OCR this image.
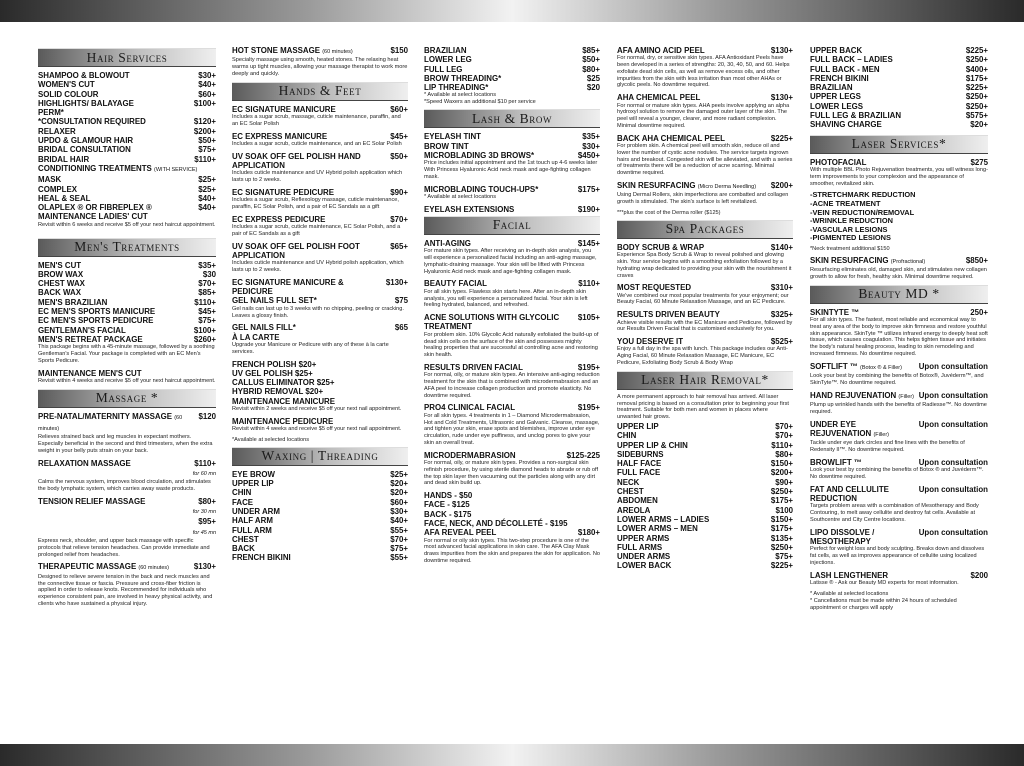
Hair Services
SHAMPOO & BLOWOUT	$30+
WOMEN'S CUT	$40+
SOLID COLOUR	$60+
HIGHLIGHTS/ BALAYAGE	$100+
PERM*
*CONSULTATION REQUIRED	$120+
RELAXER	$200+
UPDO & GLAMOUR HAIR	$50+
BRIDAL CONSULTATION	$75+
BRIDAL HAIR	$110+
CONDITIONING TREATMENTS (WITH SERVICE)
MASK	$25+
COMPLEX	$25+
HEAL & SEAL	$40+
OLAPLEX ® OR FIBREPLEX ®	$40+
MAINTENANCE LADIES' CUT
Revisit within 6 weeks and receive $5 off your next haircut appointment.
Men's Treatments
MEN'S CUT	$35+
BROW WAX	$30
CHEST WAX	$70+
BACK WAX	$85+
MEN'S BRAZILIAN	$110+
EC MEN'S SPORTS MANICURE	$45+
EC MEN'S SPORTS PEDICURE	$75+
GENTLEMAN'S FACIAL	$100+
MEN'S RETREAT PACKAGE	$260+
This package begins with a 45-minute massage, followed by a soothing Gentleman's Facial. Your package is completed with an EC Men's Sports Pedicure.
MAINTENANCE MEN'S CUT
Revisit within 4 weeks and receive $5 off your next haircut appointment.
Massage *
PRE-NATAL/MATERNITY MASSAGE (60 minutes)
$120
Relieves strained back and leg muscles in expectant mothers. Especially beneficial in the second and third trimesters, when the extra weight in your belly puts strain on your back.
RELAXATION MASSAGE	$110+
for 60 mn
Calms the nervous system, improves blood circulation, and stimulates the body lymphatic system, which carries away waste products.
TENSION RELIEF MASSAGE	$80+
for 30 mn
$95+
for 45 mn
Express neck, shoulder, and upper back massage with specific protocols that relieve tension headaches. Can provide immediate and prolonged relief from headaches.
THERAPEUTIC MASSAGE (60 minutes)	$130+
Designed to relieve severe tension in the back and neck muscles and the connective tissue or fascia. Pressure and cross-fiber friction is applied in order to release knots. Recommended for individuals who experience consistent pain, are involved in heavy physical activity, and clients who have sustained a physical injury.
HOT STONE MASSAGE (60 minutes)	$150
Specialty massage using smooth, heated stones. The relaxing heat warms up tight muscles, allowing your massage therapist to work more deeply and quickly.
Hands & Feet
EC SIGNATURE MANICURE	$60+
Includes a sugar scrub, massage, cuticle maintenance, paraffin, and an EC Solar Polish
EC EXPRESS MANICURE	$45+
Includes a sugar scrub, cuticle maintenance, and an EC Solar Polish
UV SOAK OFF GEL POLISH HAND APPLICATION
$50+
Includes cuticle maintenance and UV Hybrid polish application which lasts up to 2 weeks.
EC SIGNATURE PEDICURE	$90+
Includes a sugar scrub, Reflexology massage, cuticle maintenance, paraffin, EC Solar Polish, and a pair of EC Sandals as a gift
EC EXPRESS PEDICURE	$70+
Includes a sugar scrub, cuticle maintenance, EC Solar Polish, and a pair of EC Sandals as a gift
UV SOAK OFF GEL POLISH FOOT APPLICATION
$65+
Includes cuticle maintenance and UV Hybrid polish application, which lasts up to 2 weeks.
EC SIGNATURE MANICURE & PEDICURE
$130+
GEL NAILS FULL SET*	$75
Gel nails can last up to 3 weeks with no chipping, peeling or cracking. Leaves a glossy finish.
GEL NAILS FILL*	$65
À LA CARTE
Upgrade your Manicure or Pedicure with any of these à la carte services.
FRENCH POLISH $20+
UV GEL POLISH $25+
CALLUS ELIMINATOR $25+
HYBRID REMOVAL $20+
MAINTENANCE MANICURE
Revisit within 2 weeks and receive $5 off your next nail appointment.
MAINTENANCE PEDICURE
Revisit within 4 weeks and receive $5 off your next nail appointment.
*Available at selected locations
Waxing | Threading
EYE BROW	$25+
UPPER LIP	$20+
CHIN	$20+
FACE	$60+
UNDER ARM	$30+
HALF ARM	$40+
FULL ARM	$55+
CHEST	$70+
BACK	$75+
FRENCH BIKINI	$55+
BRAZILIAN	$85+
LOWER LEG	$50+
FULL LEG	$80+
BROW THREADING*	$25
LIP THREADING*	$20
* Available at select locations
*Speed Waxers an additional $10 per service
Lash & Brow
EYELASH TINT	$35+
BROW TINT	$30+
MICROBLADING 3D BROWS*	$450+
Price includes initial appointment and the 1st touch up 4-6 weeks later With Princess Hyaluronic Acid neck mask and age-fighting collagen mask.
MICROBLADING TOUCH-UPS*	$175+
* Available at select locations
EYELASH EXTENSIONS	$190+
Facial
ANTI-AGING	$145+
For mature skin types. After receiving an in-depth skin analysis, you will experience a personalized facial including an anti-aging massage, lymphatic-draining massage. Your skin will be lifted with Princess Hyaluronic Acid neck mask and age-fighting collagen mask.
BEAUTY FACIAL	$110+
For all skin types. Flawless skin starts here. After an in-depth skin analysis, you will experience a personalized facial. Your skin is left feeling hydrated, balanced, and refreshed.
ACNE SOLUTIONS WITH GLYCOLIC TREATMENT
$105+
For problem skin. 10% Glycolic Acid naturally exfoliated the build-up of dead skin cells on the surface of the skin and possesses mighty healing properties that are successful at controlling acne and restoring skin health.
RESULTS DRIVEN FACIAL	$195+
For normal, oily, or mature skin types. An intensive anti-aging reduction treatment for the skin that is combined with microdermabrasion and an AFA peel to increase collagen production and promote elasticity. No downtime required.
PRO4 CLINICAL FACIAL	$195+
For all skin types. 4 treatments in 1 – Diamond Microdermabrasion, Hot and Cold Treatments, Ultrasonic and Galvanic. Cleanse, massage, and tighten your skin, erase spots and blemishes, improve under eye circulation, rude under eye puffiness, and unclog pores to give your skin an overall treat.
MICRODERMABRASION	$125-225
For normal, oily, or mature skin types. Provides a non-surgical skin refinish procedure, by using sterile diamond heads to abrade or rub off the top skin layer then vacuuming out the particles along with any dirt and dead skin build up.
HANDS - $50
FACE - $125
BACK - $175
FACE, NECK, AND DÉCOLLETÉ - $195
AFA REVEAL PEEL	$180+
For normal or oily skin types. This two-step procedure is one of the most advanced facial applications in skin care. The AFA Clay Mask draws impurities from the skin and prepares the skin for application. No downtime required.
AFA AMINO ACID PEEL	$130+
For normal, dry, or sensitive skin types. AFA Antioxidant Peels have been developed in a series of strengths: 20, 30, 40, 50, and 60. Helps exfoliate dead skin cells, as well as remove excess oils, and other impurities from the skin with less irritation than most other AHAs or glycolic peels. No downtime required.
AHA CHEMICAL PEEL	$130+
For normal or mature skin types. AHA peels involve applying an alpha hydroxyl solution to remove the damaged outer layer of the skin. The peel will reveal a younger, clearer, and more radiant complexion. Minimal downtime required.
BACK AHA CHEMICAL PEEL	$225+
For problem skin. A chemical peel will smooth skin, reduce oil and lower the number of cystic acne nodules. The service targets ingrown hairs and breakout. Congested skin will be alleviated, and with a series of treatments there will be a reduction of acne scarring. Minimal downtime required.
SKIN RESURFACING (Micro Derma Needling)	$200+
Using Dermal Rollers, skin imperfections are combatted and collagen growth is stimulated. The skin's surface is left revitalized.
***plus the cost of the Derma roller ($125)
Spa Packages
BODY SCRUB & WRAP	$140+
Experience Spa Body Scrub & Wrap to reveal polished and glowing skin. Your service begins with a smoothing exfoliation followed by a hydrating wrap dedicated to providing your skin with the nourishment it craves
MOST REQUESTED	$310+
We've combined our most popular treatments for your enjoyment; our Beauty Facial, 60 Minute Relaxation Massage, and an EC Pedicure.
RESULTS DRIVEN BEAUTY	$325+
Achieve visible results with the EC Manicure and Pedicure, followed by our Results Driven Facial that is customised exclusively for you.
YOU DESERVE IT	$525+
Enjoy a full day in the spa with lunch. This package includes our Anti-Aging Facial, 60 Minute Relaxation Massage, EC Manicure, EC Pedicure, Exfoliating Body Scrub & Body Wrap
Laser Hair Removal*
A more permanent approach to hair removal has arrived. All laser removal pricing is based on a consultation prior to beginning your first treatment. Suitable for both men and women in places where unwanted hair grows.
UPPER LIP	$70+
CHIN	$70+
UPPER LIP & CHIN	$110+
SIDEBURNS	$80+
HALF FACE	$150+
FULL FACE	$200+
NECK	$90+
CHEST	$250+
ABDOMEN	$175+
AREOLA	$100
LOWER ARMS – LADIES	$150+
LOWER ARMS – MEN	$175+
UPPER ARMS	$135+
FULL ARMS	$250+
UNDER ARMS	$75+
LOWER BACK	$225+
UPPER BACK	$225+
FULL BACK – LADIES	$250+
FULL BACK - MEN	$400+
FRENCH BIKINI	$175+
BRAZILIAN	$225+
UPPER LEGS	$250+
LOWER LEGS	$250+
FULL LEG & BRAZILIAN	$575+
SHAVING CHARGE	$20+
Laser Services*
PHOTOFACIAL	$275
With multiple BBL Photo Rejuvenation treatments, you will witness long-term improvements to your complexion and the appearance of smoother, revitalized skin.
-STRETCHMARK REDUCTION
-ACNE TREATMENT
-VEIN REDUCTION/REMOVAL
-WRINKLE REDUCTION
-VASCULAR LESIONS
-PIGMENTED LESIONS
*Neck treatment additional $150
SKIN RESURFACING (Profractional)	$850+
Resurfacing eliminates old, damaged skin, and stimulates new collagen growth to allow for fresh, healthy skin. Minimal downtime required.
Beauty MD *
SKINTYTE ™	250+
For all skin types. The fastest, most reliable and economical way to treat any area of the body to improve skin firmness and restore youthful skin appearance. SkinTyte ™ utilizes infrared energy to deeply heat soft tissue, which causes coagulation. This helps tighten tissue and initiates the body's natural healing process, leading to skin remodeling and increased firmness. No downtime required.
SOFTLIFT ™ (Botox ® & Filler)	Upon consultation
Look your best by combining the benefits of Botox®, Juvéderm™, and SkinTyte™. No downtime required.
HAND REJUVENATION (Filler) Upon consultation
Plump up wrinkled hands with the benefits of Radiesse™. No downtime required.
UNDER EYE REJUVENATION (Filler)
Upon consultation
Tackle under eye dark circles and fine lines with the benefits of Redensity II™. No downtime required.
BROWLIFT ™	Upon consultation
Look your best by combining the benefits of Botox ® and Juvéderm™. No downtime required.
FAT AND CELLULITE REDUCTION
Upon consultation
Targets problem areas with a combination of Mesotherapy and Body Contouring, to melt away cellulite and destroy fat cells. Available at Southcentre and City Centre locations.
LIPO DISSOLVE / MESOTHERAPY
Upon consultation
Perfect for weight loss and body sculpting. Breaks down and dissolves fat cells, as well as improves appearance of cellulite using localized injections.
LASH LENGTHENER	$200
Latisse ® - Ask our Beauty MD experts for most information.
* Available at selected locations
* Cancellations must be made within 24 hours of scheduled appointment or charges will apply
